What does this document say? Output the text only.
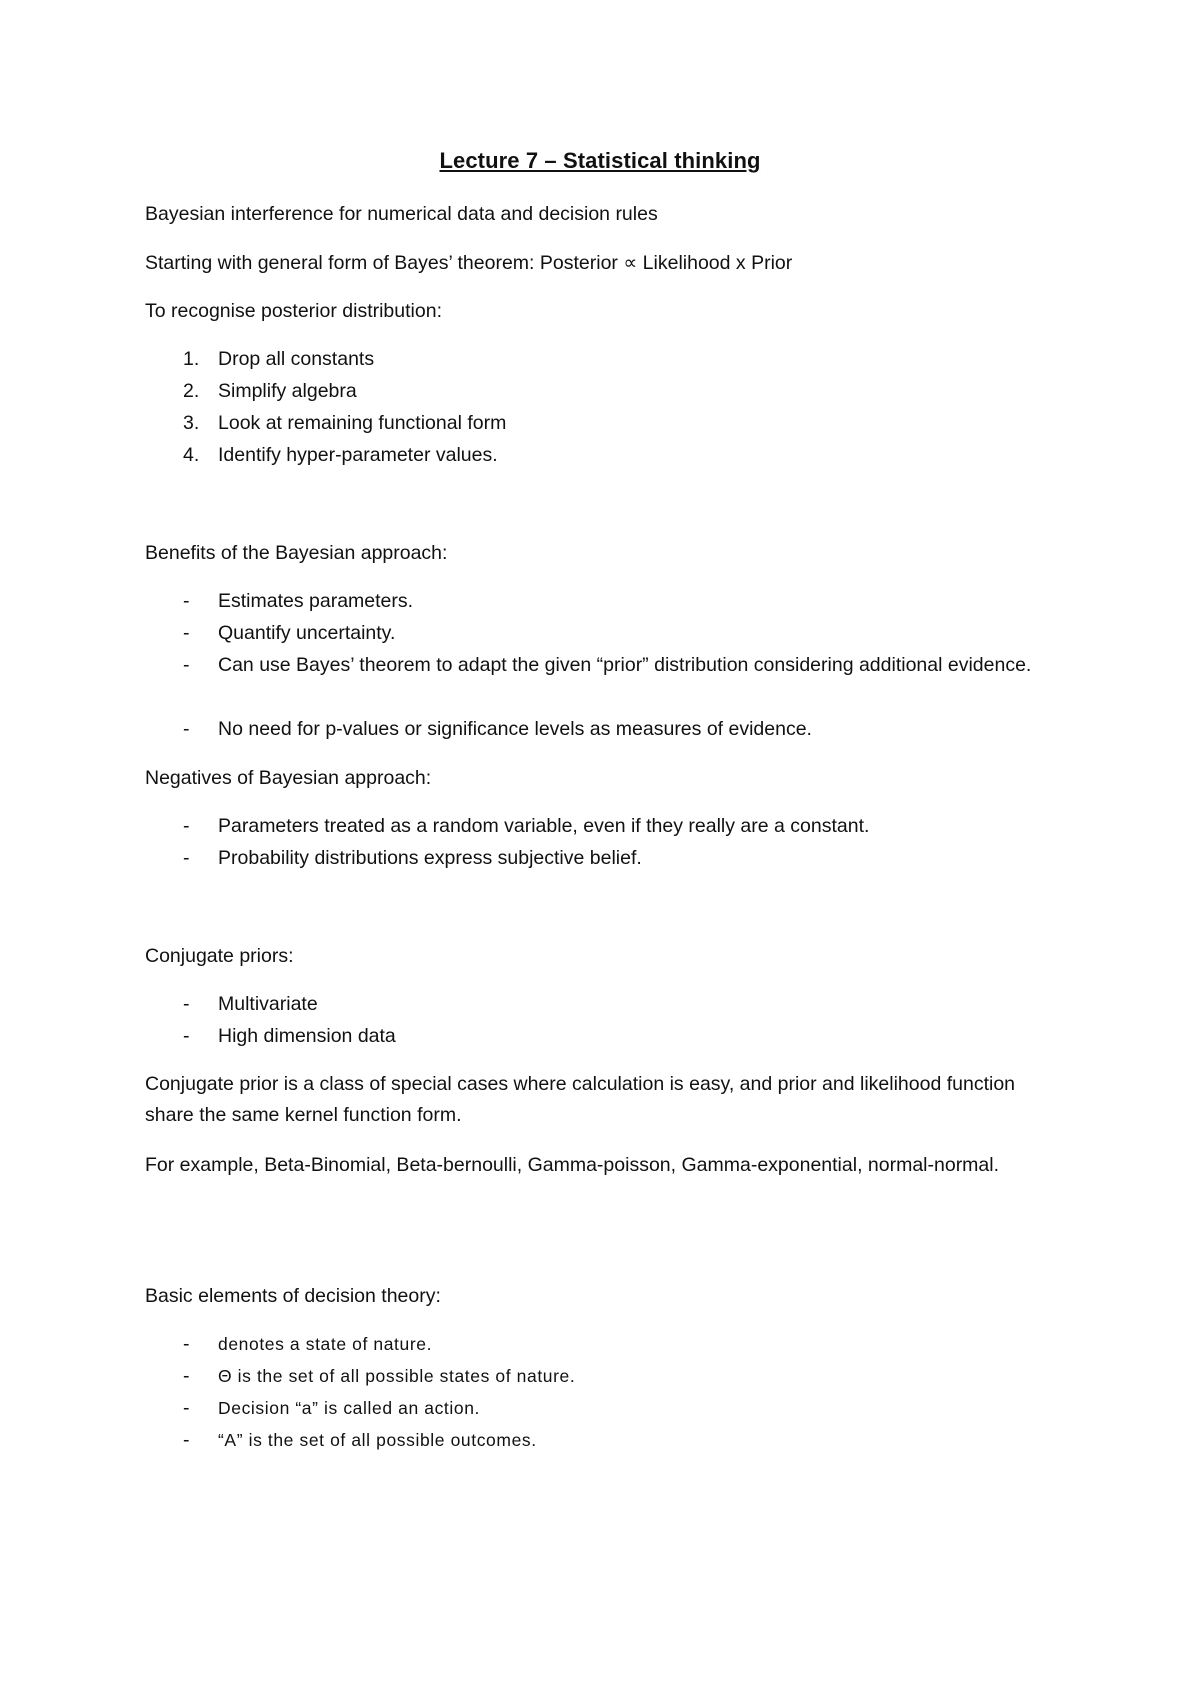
Lecture 7 – Statistical thinking
Bayesian interference for numerical data and decision rules
Starting with general form of Bayes’ theorem: Posterior ∝ Likelihood x Prior
To recognise posterior distribution:
1. Drop all constants
2. Simplify algebra
3. Look at remaining functional form
4. Identify hyper-parameter values.
Benefits of the Bayesian approach:
- Estimates parameters.
- Quantify uncertainty.
- Can use Bayes’ theorem to adapt the given “prior” distribution considering additional evidence.
- No need for p-values or significance levels as measures of evidence.
Negatives of Bayesian approach:
- Parameters treated as a random variable, even if they really are a constant.
- Probability distributions express subjective belief.
Conjugate priors:
- Multivariate
- High dimension data
Conjugate prior is a class of special cases where calculation is easy, and prior and likelihood function share the same kernel function form.
For example, Beta-Binomial, Beta-bernoulli, Gamma-poisson, Gamma-exponential, normal-normal.
Basic elements of decision theory:
- denotes a state of nature.
- Θ is the set of all possible states of nature.
- Decision “a” is called an action.
- “A” is the set of all possible outcomes.
